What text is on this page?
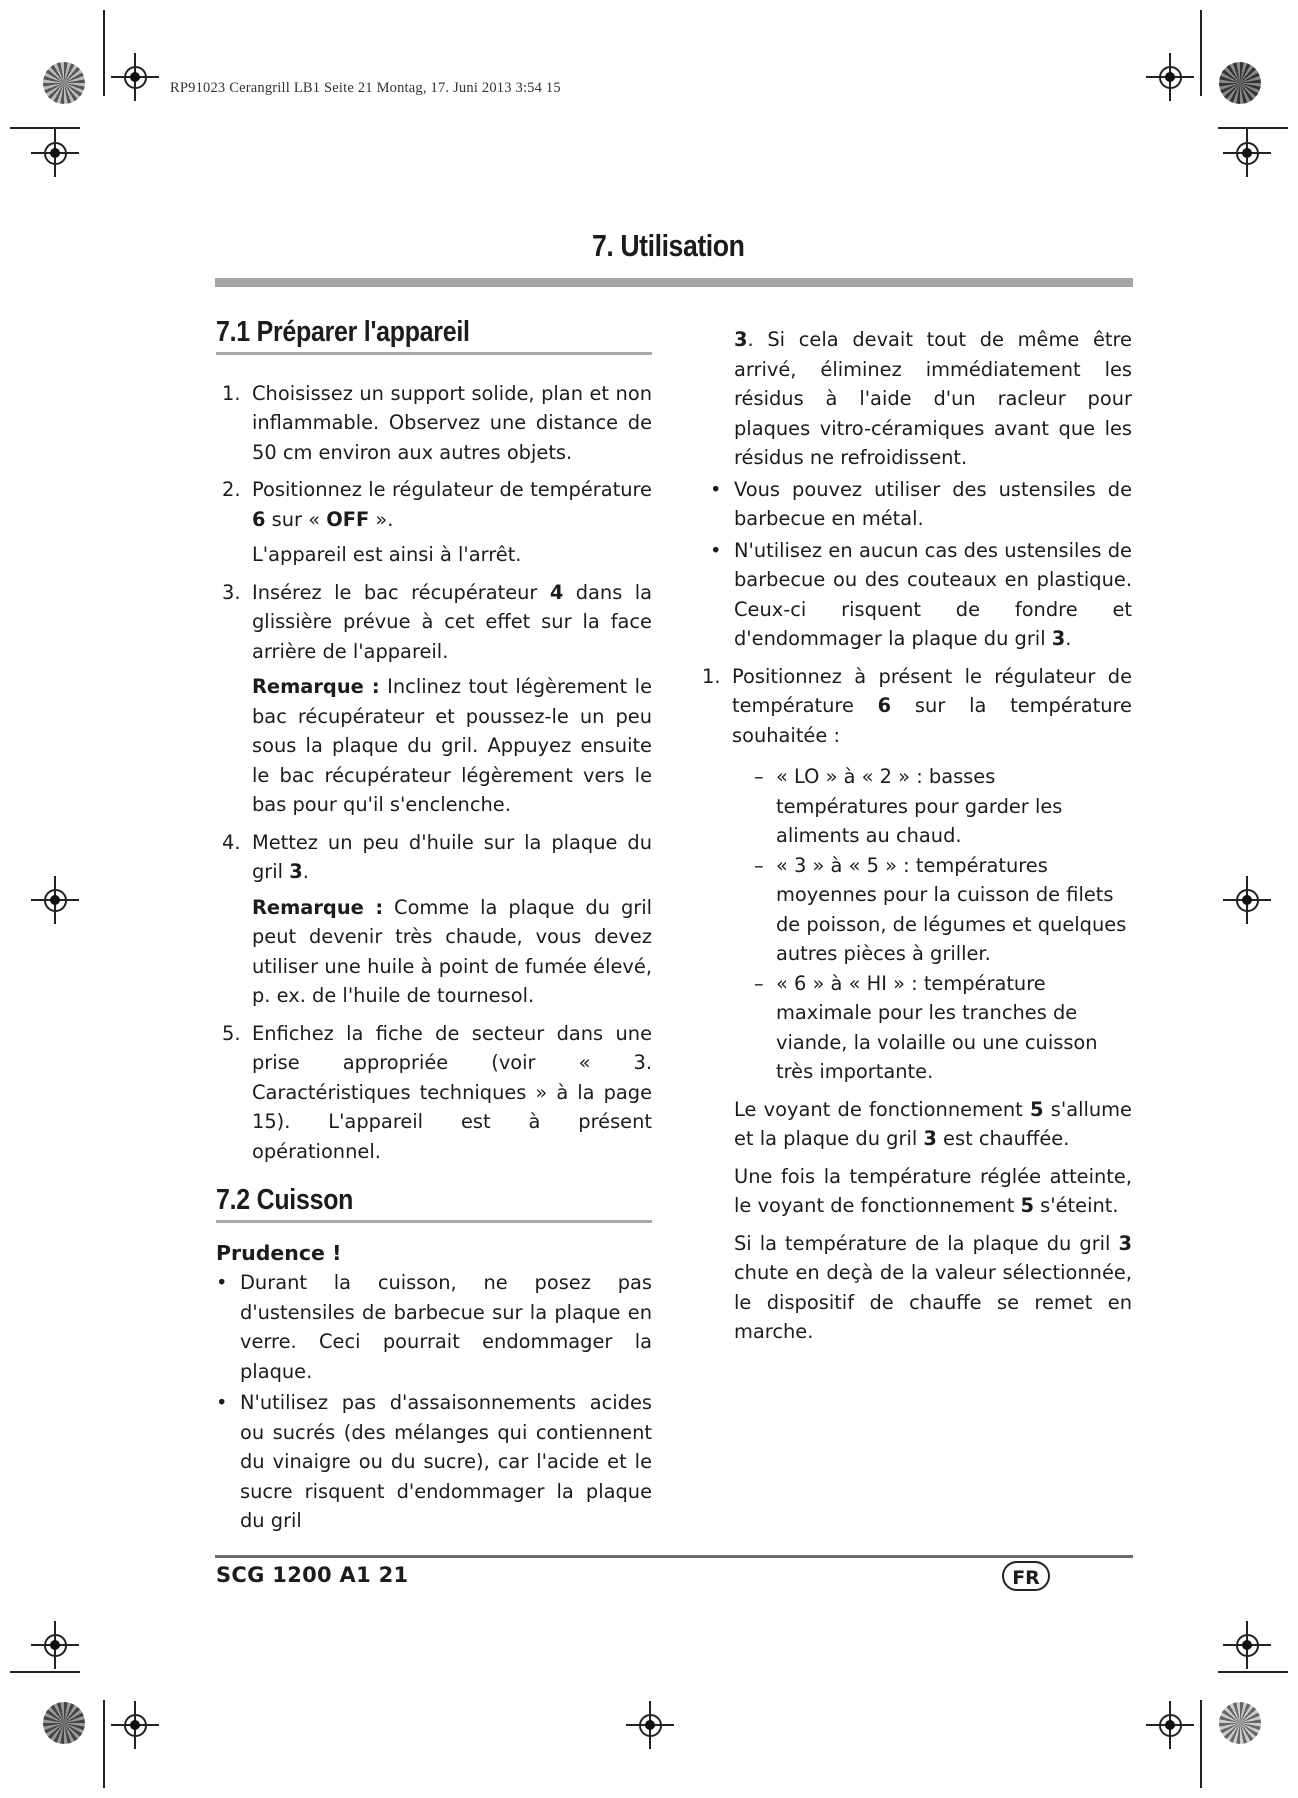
RP91023 Cerangrill LB1 Seite 21 Montag, 17. Juni 2013 3:54 15
7. Utilisation
7.1 Préparer l'appareil

1. Choisissez un support solide, plan et non inflammable. Observez une distance de 50 cm environ aux autres objets.

2. Positionnez le régulateur de température 6 sur « OFF ».

L'appareil est ainsi à l'arrêt.

3. Insérez le bac récupérateur 4 dans la glissière prévue à cet effet sur la face arrière de l'appareil.

Remarque : Inclinez tout légèrement le bac récupérateur et poussez-le un peu sous la plaque du gril. Appuyez ensuite le bac récupérateur légèrement vers le bas pour qu'il s'enclenche.

4. Mettez un peu d'huile sur la plaque du gril 3.

Remarque : Comme la plaque du gril peut devenir très chaude, vous devez utiliser une huile à point de fumée élevé, p. ex. de l'huile de tournesol.

5. Enfichez la fiche de secteur dans une prise appropriée (voir « 3. Caractéristiques techniques » à la page 15). L'appareil est à présent opérationnel.

7.2 Cuisson

Prudence !

• Durant la cuisson, ne posez pas d'ustensiles de barbecue sur la plaque en verre. Ceci pourrait endommager la plaque.

• N'utilisez pas d'assaisonnements acides ou sucrés (des mélanges qui contiennent du vinaigre ou du sucre), car l'acide et le sucre risquent d'endommager la plaque du gril

3. Si cela devait tout de même être arrivé, éliminez immédiatement les résidus à l'aide d'un racleur pour plaques vitro-céramiques avant que les résidus ne refroidissent.

• Vous pouvez utiliser des ustensiles de barbecue en métal.

• N'utilisez en aucun cas des ustensiles de barbecue ou des couteaux en plastique. Ceux-ci risquent de fondre et d'endommager la plaque du gril 3.

1. Positionnez à présent le régulateur de température 6 sur la température souhaitée :

– « LO » à « 2 » : basses températures pour garder les aliments au chaud.

– « 3 » à « 5 » : températures moyennes pour la cuisson de filets de poisson, de légumes et quelques autres pièces à griller.

– « 6 » à « HI » : température maximale pour les tranches de viande, la volaille ou une cuisson très importante.

Le voyant de fonctionnement 5 s'allume et la plaque du gril 3 est chauffée.

Une fois la température réglée atteinte, le voyant de fonctionnement 5 s'éteint.

Si la température de la plaque du gril 3 chute en deçà de la valeur sélectionnée, le dispositif de chauffe se remet en marche.

SCG 1200 A1 21	FR
